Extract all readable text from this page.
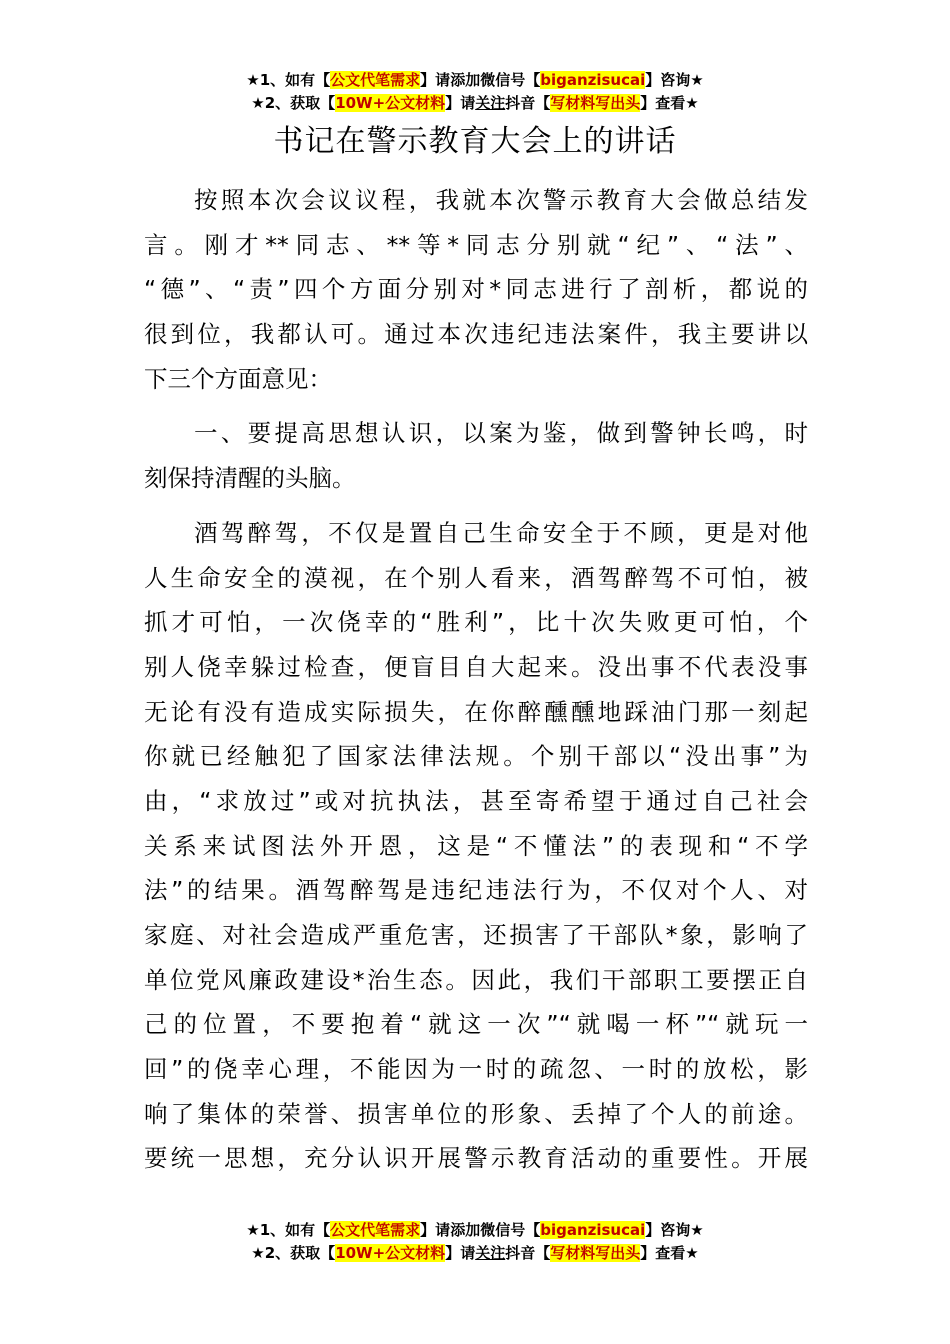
★1、如有【公文代笔需求】请添加微信号【biganzisucai】咨询★
★2、获取【10W+公文材料】请关注抖音【写材料写出头】查看★
书记在警示教育大会上的讲话

按照本次会议议程，我就本次警示教育大会做总结发
言。刚才**同志、**等*同志分别就“纪”、“法”、
“德”、“责”四个方面分别对*同志进行了剖析，都说的
很到位，我都认可。通过本次违纪违法案件，我主要讲以
下三个方面意见：

一、要提高思想认识，以案为鉴，做到警钟长鸣，时
刻保持清醒的头脑。

酒驾醉驾，不仅是置自己生命安全于不顾，更是对他
人生命安全的漠视，在个别人看来，酒驾醉驾不可怕，被
抓才可怕，一次侥幸的“胜利”，比十次失败更可怕，个
别人侥幸躲过检查，便盲目自大起来。没出事不代表没事
无论有没有造成实际损失，在你醉醺醺地踩油门那一刻起
你就已经触犯了国家法律法规。个别干部以“没出事”为
由，“求放过”或对抗执法，甚至寄希望于通过自己社会
关系来试图法外开恩，这是“不懂法”的表现和“不学
法”的结果。酒驾醉驾是违纪违法行为，不仅对个人、对
家庭、对社会造成严重危害，还损害了干部队*象，影响了
单位党风廉政建设*治生态。因此，我们干部职工要摆正自
己的位置，不要抱着“就这一次”“就喝一杯”“就玩一
回”的侥幸心理，不能因为一时的疏忽、一时的放松，影
响了集体的荣誉、损害单位的形象、丢掉了个人的前途。
要统一思想，充分认识开展警示教育活动的重要性。开展

★1、如有【公文代笔需求】请添加微信号【biganzisucai】咨询★
★2、获取【10W+公文材料】请关注抖音【写材料写出头】查看★
